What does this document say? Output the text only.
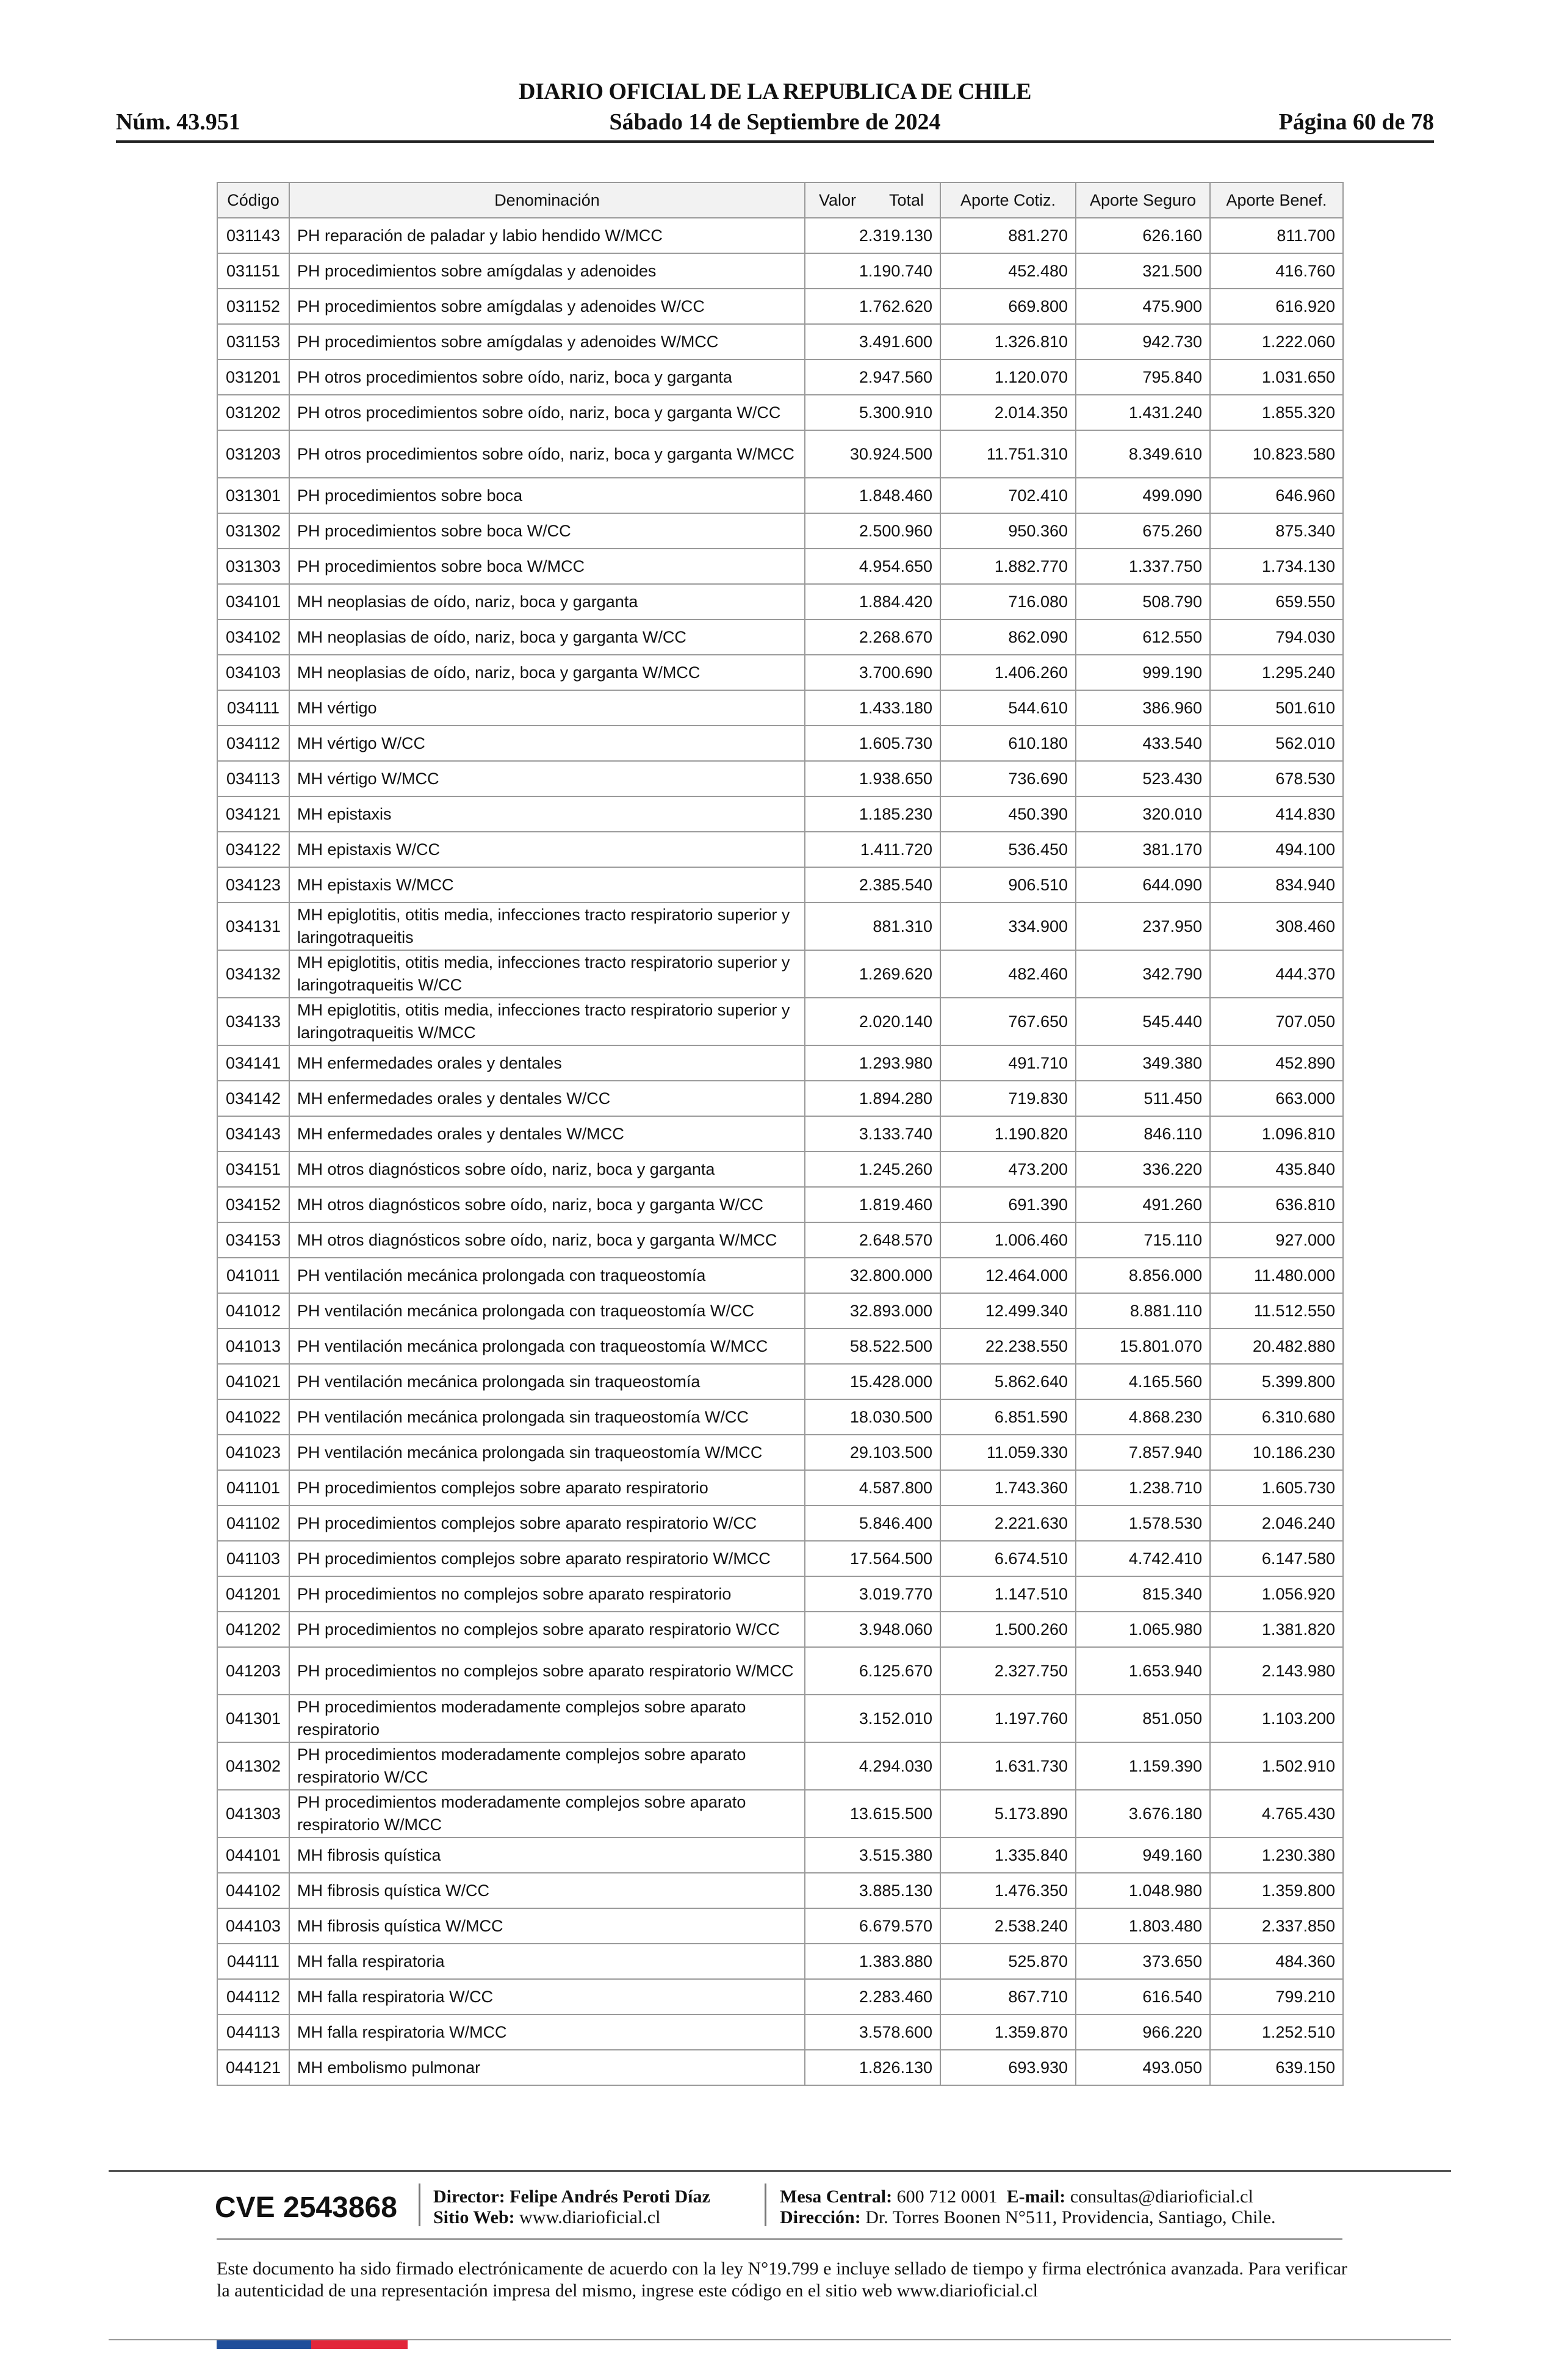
DIARIO OFICIAL DE LA REPUBLICA DE CHILE
Núm. 43.951	Sábado 14 de Septiembre de 2024	Página 60 de 78
Código	Denominación	Valor Total	Aporte Cotiz.	Aporte Seguro	Aporte Benef.
031143	PH reparación de paladar y labio hendido W/MCC	2.319.130	881.270	626.160	811.700
031151	PH procedimientos sobre amígdalas y adenoides	1.190.740	452.480	321.500	416.760
031152	PH procedimientos sobre amígdalas y adenoides W/CC	1.762.620	669.800	475.900	616.920
031153	PH procedimientos sobre amígdalas y adenoides W/MCC	3.491.600	1.326.810	942.730	1.222.060
031201	PH otros procedimientos sobre oído, nariz, boca y garganta	2.947.560	1.120.070	795.840	1.031.650
031202	PH otros procedimientos sobre oído, nariz, boca y garganta W/CC	5.300.910	2.014.350	1.431.240	1.855.320
031203	PH otros procedimientos sobre oído, nariz, boca y garganta W/MCC	30.924.500	11.751.310	8.349.610	10.823.580
031301	PH procedimientos sobre boca	1.848.460	702.410	499.090	646.960
031302	PH procedimientos sobre boca W/CC	2.500.960	950.360	675.260	875.340
031303	PH procedimientos sobre boca W/MCC	4.954.650	1.882.770	1.337.750	1.734.130
034101	MH neoplasias de oído, nariz, boca y garganta	1.884.420	716.080	508.790	659.550
034102	MH neoplasias de oído, nariz, boca y garganta W/CC	2.268.670	862.090	612.550	794.030
034103	MH neoplasias de oído, nariz, boca y garganta W/MCC	3.700.690	1.406.260	999.190	1.295.240
034111	MH vértigo	1.433.180	544.610	386.960	501.610
034112	MH vértigo W/CC	1.605.730	610.180	433.540	562.010
034113	MH vértigo W/MCC	1.938.650	736.690	523.430	678.530
034121	MH epistaxis	1.185.230	450.390	320.010	414.830
034122	MH epistaxis W/CC	1.411.720	536.450	381.170	494.100
034123	MH epistaxis W/MCC	2.385.540	906.510	644.090	834.940
034131	MH epiglotitis, otitis media, infecciones tracto respiratorio superior y laringotraqueitis	881.310	334.900	237.950	308.460
034132	MH epiglotitis, otitis media, infecciones tracto respiratorio superior y laringotraqueitis W/CC	1.269.620	482.460	342.790	444.370
034133	MH epiglotitis, otitis media, infecciones tracto respiratorio superior y laringotraqueitis W/MCC	2.020.140	767.650	545.440	707.050
034141	MH enfermedades orales y dentales	1.293.980	491.710	349.380	452.890
034142	MH enfermedades orales y dentales W/CC	1.894.280	719.830	511.450	663.000
034143	MH enfermedades orales y dentales W/MCC	3.133.740	1.190.820	846.110	1.096.810
034151	MH otros diagnósticos sobre oído, nariz, boca y garganta	1.245.260	473.200	336.220	435.840
034152	MH otros diagnósticos sobre oído, nariz, boca y garganta W/CC	1.819.460	691.390	491.260	636.810
034153	MH otros diagnósticos sobre oído, nariz, boca y garganta W/MCC	2.648.570	1.006.460	715.110	927.000
041011	PH ventilación mecánica prolongada con traqueostomía	32.800.000	12.464.000	8.856.000	11.480.000
041012	PH ventilación mecánica prolongada con traqueostomía W/CC	32.893.000	12.499.340	8.881.110	11.512.550
041013	PH ventilación mecánica prolongada con traqueostomía W/MCC	58.522.500	22.238.550	15.801.070	20.482.880
041021	PH ventilación mecánica prolongada sin traqueostomía	15.428.000	5.862.640	4.165.560	5.399.800
041022	PH ventilación mecánica prolongada sin traqueostomía W/CC	18.030.500	6.851.590	4.868.230	6.310.680
041023	PH ventilación mecánica prolongada sin traqueostomía W/MCC	29.103.500	11.059.330	7.857.940	10.186.230
041101	PH procedimientos complejos sobre aparato respiratorio	4.587.800	1.743.360	1.238.710	1.605.730
041102	PH procedimientos complejos sobre aparato respiratorio W/CC	5.846.400	2.221.630	1.578.530	2.046.240
041103	PH procedimientos complejos sobre aparato respiratorio W/MCC	17.564.500	6.674.510	4.742.410	6.147.580
041201	PH procedimientos no complejos sobre aparato respiratorio	3.019.770	1.147.510	815.340	1.056.920
041202	PH procedimientos no complejos sobre aparato respiratorio W/CC	3.948.060	1.500.260	1.065.980	1.381.820
041203	PH procedimientos no complejos sobre aparato respiratorio W/MCC	6.125.670	2.327.750	1.653.940	2.143.980
041301	PH procedimientos moderadamente complejos sobre aparato respiratorio	3.152.010	1.197.760	851.050	1.103.200
041302	PH procedimientos moderadamente complejos sobre aparato respiratorio W/CC	4.294.030	1.631.730	1.159.390	1.502.910
041303	PH procedimientos moderadamente complejos sobre aparato respiratorio W/MCC	13.615.500	5.173.890	3.676.180	4.765.430
044101	MH fibrosis quística	3.515.380	1.335.840	949.160	1.230.380
044102	MH fibrosis quística W/CC	3.885.130	1.476.350	1.048.980	1.359.800
044103	MH fibrosis quística W/MCC	6.679.570	2.538.240	1.803.480	2.337.850
044111	MH falla respiratoria	1.383.880	525.870	373.650	484.360
044112	MH falla respiratoria W/CC	2.283.460	867.710	616.540	799.210
044113	MH falla respiratoria W/MCC	3.578.600	1.359.870	966.220	1.252.510
044121	MH embolismo pulmonar	1.826.130	693.930	493.050	639.150
CVE 2543868 Director: Felipe Andrés Peroti Díaz
Sitio Web: www.diarioficial.cl
Mesa Central: 600 712 0001 E-mail: consultas@diarioficial.cl
Dirección: Dr. Torres Boonen N°511, Providencia, Santiago, Chile.
Este documento ha sido firmado electrónicamente de acuerdo con la ley N°19.799 e incluye sellado de tiempo y firma electrónica avanzada. Para verificar la autenticidad de una representación impresa del mismo, ingrese este código en el sitio web www.diarioficial.cl
